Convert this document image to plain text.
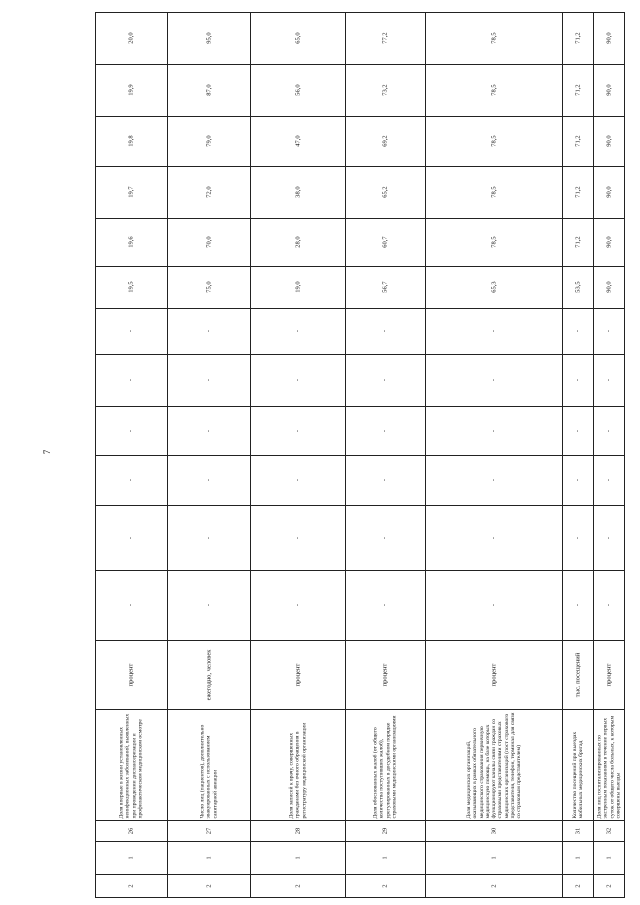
7
20,0
19,9
19,8
19,7
19,6
19,5
-
-
-
-
-
-
процент
Доля впервые в жизни установленных неинфекционных заболеваний, выявленных при проведении диспансеризации и профилактическом медицинском осмотре
26
1
2
95,0
87,0
79,0
72,0
70,0
75,0
-
-
-
-
-
-
ежегодно, человек
Число лиц (пациентов), дополнительно эвакуированных с использованием санитарной авиации
27
1
2
65,0
56,0
47,0
38,0
28,0
19,0
-
-
-
-
-
-
процент
Доля записей к врачу, совершенных гражданами без очного обращения в регистратуру медицинской организации
28
1
2
77,2
73,2
69,2
65,2
60,7
56,7
-
-
-
-
-
-
процент
Доля обоснованных жалоб (от общего количества поступивших жалоб), урегулированных в досудебном порядке страховыми медицинскими организациями
29
1
2
78,5
78,5
78,5
78,5
78,5
65,3
-
-
-
-
-
-
процент
Доля медицинских организаций, оказывающих в рамках обязательного медицинского страхования первичную медицинскую помощь, на базе которых функционируют каналы связи граждан со страховыми представителями страховых медицинских организаций (пост страхового представителя, телефон, терминал для связи со страховым представителем)
30
1
2
71,2
71,2
71,2
71,2
71,2
53,5
-
-
-
-
-
-
тыс. посещений
Количество посещений при выездах мобильных медицинских бригад
31
1
2
90,0
90,0
90,0
90,0
90,0
90,0
-
-
-
-
-
-
процент
Доля лиц госпитализированных по экстренным показаниям в течение первых суток от общего числа больных, к которым совершены выезды
32
1
2
